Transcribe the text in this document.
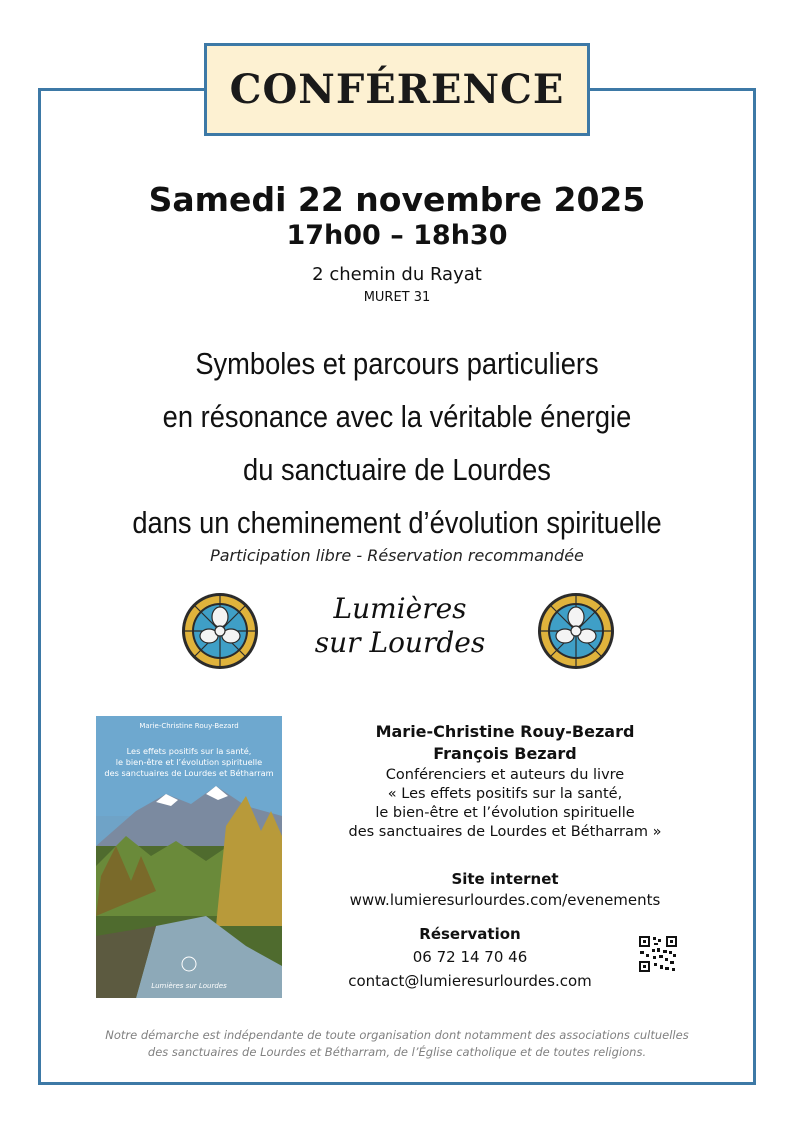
CONFÉRENCE
Samedi 22 novembre 2025
17h00 – 18h30
2 chemin du Rayat
MURET 31
Symboles et parcours particuliers
en résonance avec la véritable énergie
du sanctuaire de Lourdes
dans un cheminement d’évolution spirituelle
Participation libre - Réservation recommandée
Lumières
sur Lourdes
Marie-Christine Rouy-Bezard
Les effets positifs sur la santé,
le bien-être et l’évolution spirituelle
des sanctuaires de Lourdes et Bétharram
Lumières sur Lourdes
Marie-Christine Rouy-Bezard
François Bezard
Conférenciers et auteurs du livre
« Les effets positifs sur la santé,
le bien-être et l’évolution spirituelle
des sanctuaires de Lourdes et Bétharram »
Site internet
www.lumieresurlourdes.com/evenements
Réservation
06 72 14 70 46
contact@lumieresurlourdes.com
Notre démarche est indépendante de toute organisation dont notamment des associations cultuelles
des sanctuaires de Lourdes et Bétharram, de l’Église catholique et de toutes religions.
